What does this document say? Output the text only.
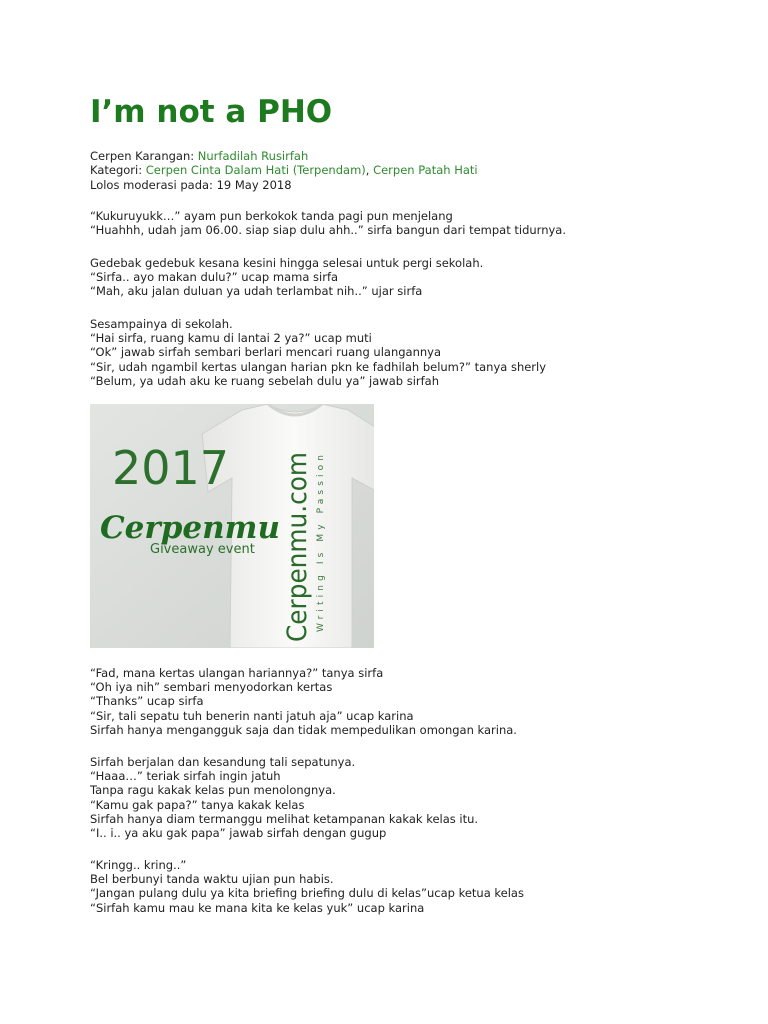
I’m not a PHO
Cerpen Karangan: Nurfadilah Rusirfah
Kategori: Cerpen Cinta Dalam Hati (Terpendam), Cerpen Patah Hati
Lolos moderasi pada: 19 May 2018
“Kukuruyukk…” ayam pun berkokok tanda pagi pun menjelang
“Huahhh, udah jam 06.00. siap siap dulu ahh..” sirfa bangun dari tempat tidurnya.
Gedebak gedebuk kesana kesini hingga selesai untuk pergi sekolah.
“Sirfa.. ayo makan dulu?” ucap mama sirfa
“Mah, aku jalan duluan ya udah terlambat nih..” ujar sirfa
Sesampainya di sekolah.
“Hai sirfa, ruang kamu di lantai 2 ya?” ucap muti
“Ok” jawab sirfah sembari berlari mencari ruang ulangannya
“Sir, udah ngambil kertas ulangan harian pkn ke fadhilah belum?” tanya sherly
“Belum, ya udah aku ke ruang sebelah dulu ya” jawab sirfah
2017
Cerpenmu
Giveaway event Cerpenmu.com Writing Is My Passion
“Fad, mana kertas ulangan hariannya?” tanya sirfa
“Oh iya nih” sembari menyodorkan kertas
“Thanks” ucap sirfa
“Sir, tali sepatu tuh benerin nanti jatuh aja” ucap karina
Sirfah hanya mengangguk saja dan tidak mempedulikan omongan karina.
Sirfah berjalan dan kesandung tali sepatunya.
“Haaa…” teriak sirfah ingin jatuh
Tanpa ragu kakak kelas pun menolongnya.
“Kamu gak papa?” tanya kakak kelas
Sirfah hanya diam termanggu melihat ketampanan kakak kelas itu.
“I.. i.. ya aku gak papa” jawab sirfah dengan gugup
“Kringg.. kring..”
Bel berbunyi tanda waktu ujian pun habis.
“Jangan pulang dulu ya kita briefing briefing dulu di kelas”ucap ketua kelas
“Sirfah kamu mau ke mana kita ke kelas yuk” ucap karina
